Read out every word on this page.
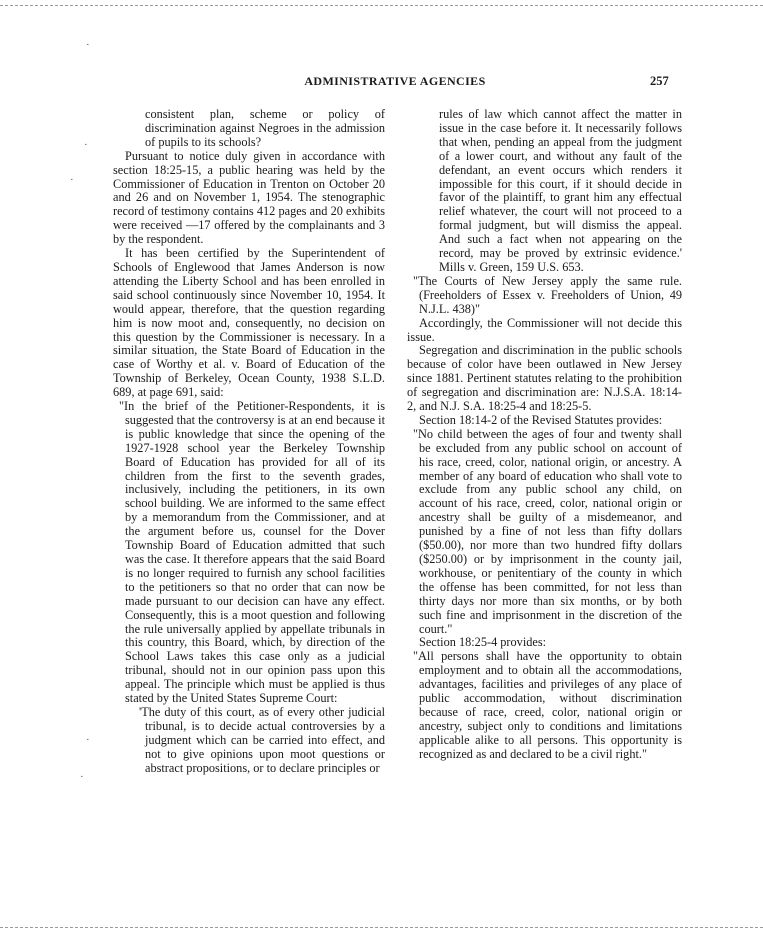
·
·
·
·
·
ADMINISTRATIVE AGENCIES	257

consistent plan, scheme or policy of discrimination against Negroes in the admission of pupils to its schools?

Pursuant to notice duly given in accordance with section 18:25-15, a public hearing was held by the Commissioner of Education in Trenton on October 20 and 26 and on November 1, 1954. The stenographic record of testimony contains 412 pages and 20 exhibits were received —17 offered by the complainants and 3 by the respondent.

It has been certified by the Superintendent of Schools of Englewood that James Anderson is now attending the Liberty School and has been enrolled in said school continuously since November 10, 1954. It would appear, therefore, that the question regarding him is now moot and, consequently, no decision on this question by the Commissioner is necessary. In a similar situation, the State Board of Education in the case of Worthy et al. v. Board of Education of the Township of Berkeley, Ocean County, 1938 S.L.D. 689, at page 691, said:

"In the brief of the Petitioner-Respondents, it is suggested that the controversy is at an end because it is public knowledge that since the opening of the 1927-1928 school year the Berkeley Township Board of Education has provided for all of its children from the first to the seventh grades, inclusively, including the petitioners, in its own school building. We are informed to the same effect by a memorandum from the Commissioner, and at the argument before us, counsel for the Dover Township Board of Education admitted that such was the case. It therefore appears that the said Board is no longer required to furnish any school facilities to the petitioners so that no order that can now be made pursuant to our decision can have any effect. Consequently, this is a moot question and following the rule universally applied by appellate tribunals in this country, this Board, which, by direction of the School Laws takes this case only as a judicial tribunal, should not in our opinion pass upon this appeal. The principle which must be applied is thus stated by the United States Supreme Court:

'The duty of this court, as of every other judicial tribunal, is to decide actual controversies by a judgment which can be carried into effect, and not to give opinions upon moot questions or abstract propositions, or to declare principles or

rules of law which cannot affect the matter in issue in the case before it. It necessarily follows that when, pending an appeal from the judgment of a lower court, and without any fault of the defendant, an event occurs which renders it impossible for this court, if it should decide in favor of the plaintiff, to grant him any effectual relief whatever, the court will not proceed to a formal judgment, but will dismiss the appeal. And such a fact when not appearing on the record, may be proved by extrinsic evidence.' Mills v. Green, 159 U.S. 653.

"The Courts of New Jersey apply the same rule. (Freeholders of Essex v. Freeholders of Union, 49 N.J.L. 438)"

Accordingly, the Commissioner will not decide this issue.

Segregation and discrimination in the public schools because of color have been outlawed in New Jersey since 1881. Pertinent statutes relating to the prohibition of segregation and discrimination are: N.J.S.A. 18:14-2, and N.J. S.A. 18:25-4 and 18:25-5.

Section 18:14-2 of the Revised Statutes provides:

"No child between the ages of four and twenty shall be excluded from any public school on account of his race, creed, color, national origin, or ancestry. A member of any board of education who shall vote to exclude from any public school any child, on account of his race, creed, color, national origin or ancestry shall be guilty of a misdemeanor, and punished by a fine of not less than fifty dollars ($50.00), nor more than two hundred fifty dollars ($250.00) or by imprisonment in the county jail, workhouse, or penitentiary of the county in which the offense has been committed, for not less than thirty days nor more than six months, or by both such fine and imprisonment in the discretion of the court."

Section 18:25-4 provides:

"All persons shall have the opportunity to obtain employment and to obtain all the accommodations, advantages, facilities and privileges of any place of public accommodation, without discrimination because of race, creed, color, national origin or ancestry, subject only to conditions and limitations applicable alike to all persons. This opportunity is recognized as and declared to be a civil right."
